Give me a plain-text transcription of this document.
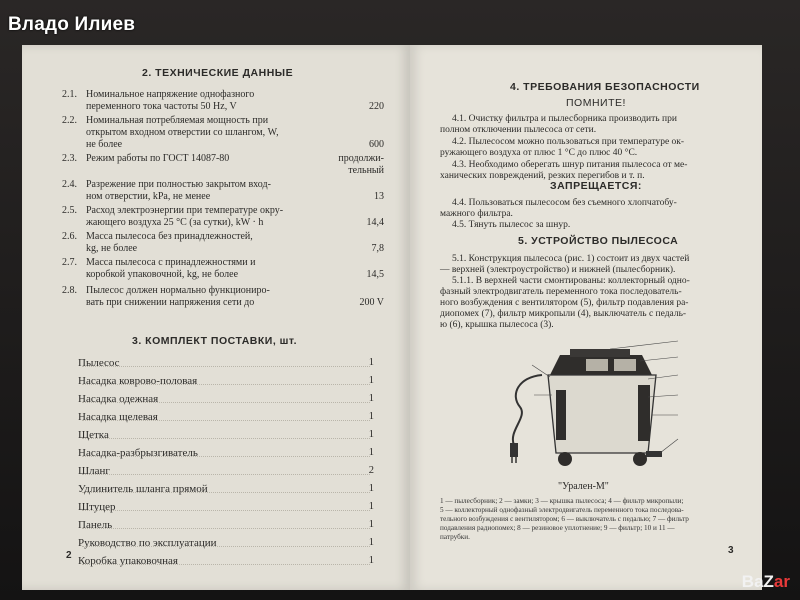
Владо Илиев
2. ТЕХНИЧЕСКИЕ ДАННЫЕ
2.1. Номинальное напряжение однофазного
переменного тока частоты 50 Hz, V	220
2.2. Номинальная потребляемая мощность при
открытом входном отверстии со шлангом, W,
не более	600
2.3. Режим работы по ГОСТ 14087-80	продолжи-
тельный
2.4. Разрежение при полностью закрытом вход-
ном отверстии, kPa, не менее	13
2.5. Расход электроэнергии при температуре окру-
жающего воздуха 25 °C (за сутки), kW · h	14,4
2.6. Масса пылесоса без принадлежностей,
kg, не более	7,8
2.7. Масса пылесоса с принадлежностями и
коробкой упаковочной, kg, не более	14,5
2.8. Пылесос должен нормально функциониро-
вать при снижении напряжения сети до	200 V
3. КОМПЛЕКТ ПОСТАВКИ, шт.
Пылесос	1
Насадка ковровo-половая	1
Насадка одежная	1
Насадка щелевая	1
Щетка	1
Насадка-разбрызгиватель	1
Шланг	2
Удлинитель шланга прямой	1
Штуцер	1
Панель	1
Руководство по эксплуатации	1
Коробка упаковочная	1
2
4. ТРЕБОВАНИЯ БЕЗОПАСНОСТИ
ПОМНИТЕ!
4.1. Очистку фильтра и пылесборника производить при
полном отключении пылесоса от сети.
4.2. Пылесосом можно пользоваться при температуре ок-
ружающего воздуха от плюс 1 °C до плюс 40 °C.
4.3. Необходимо оберегать шнур питания пылесоса от ме-
ханических повреждений, резких перегибов и т. п.
ЗАПРЕЩАЕТСЯ:
4.4. Пользоваться пылесосом без съемного хлопчатобу-
мажного фильтра.
4.5. Тянуть пылесос за шнур.
5. УСТРОЙСТВО ПЫЛЕСОСА
5.1. Конструкция пылесоса (рис. 1) состоит из двух частей
— верхней (электроустройство) и нижней (пылесборник).
5.1.1. В верхней части смонтированы: коллекторный одно-
фазный электродвигатель переменного тока последователь-
ного возбуждения с вентилятором (5), фильтр подавления ра-
диопомех (7), фильтр микропыли (4), выключатель с педаль-
ю (6), крышка пылесоса (3).
"Урален-М"
1 — пылесборник; 2 — замки; 3 — крышка пылесоса; 4 — фильтр микропыли;
5 — коллекторный однофазный электродвигатель переменного тока последова-
тельного возбуждения с вентилятором; 6 — выключатель с педалью; 7 — фильтр
подавления радиопомех; 8 — резиновое уплотнение; 9 — фильтр; 10 и 11 —
патрубки.
3
BaZar
